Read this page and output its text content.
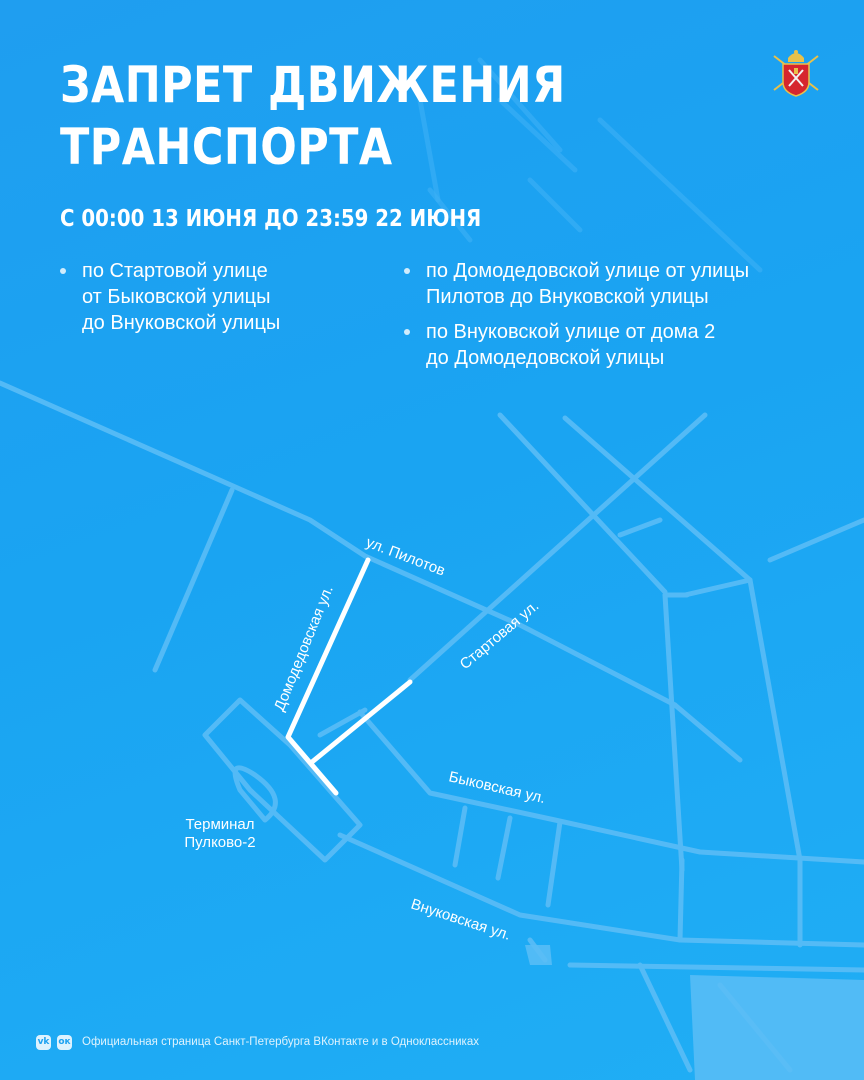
ул. Пилотов
Домодедовская ул.	Стартовая ул.
Быковская ул.
Внуковская ул.
ЗАПРЕТ ДВИЖЕНИЯ
ТРАНСПОРТА
С 00:00 13 ИЮНЯ ДО 23:59 22 ИЮНЯ
по Стартовой улице
от Быковской улицы
до Внуковской улицы
по Домодедовской улице от улицы
Пилотов до Внуковской улицы
по Внуковской улице от дома 2
до Домодедовской улицы
Терминал
Пулково-2
vk ок Официальная страница Санкт-Петербурга ВКонтакте и в Одноклассниках
